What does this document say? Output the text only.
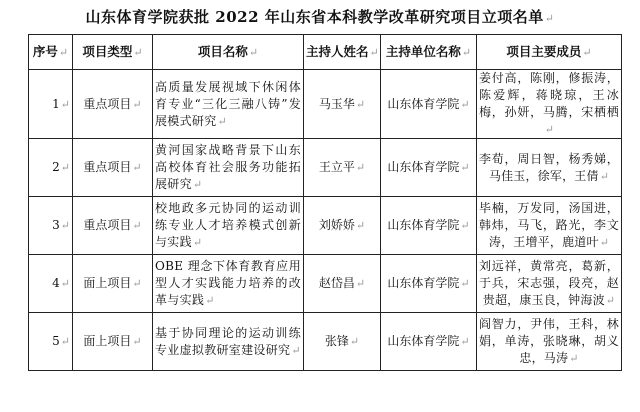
山东体育学院获批 2022 年山东省本科教学改革研究项目立项名单↵
序号↵	项目类型↵	项目名称↵	主持人姓名↵	主持单位名称↵	项目主要成员↵
1↵	重点项目↵	高质量发展视域下休闲体育专业“三化三融八铸”发展模式研究↵	马玉华↵	山东体育学院↵	姜付高，陈刚，修振涛，陈爱辉，蒋晓琼，王冰梅，孙妍，马腾，宋栖栖↵
2↵	重点项目↵	黄河国家战略背景下山东高校体育社会服务功能拓展研究↵	王立平↵	山东体育学院↵	李荀，周日智，杨秀娣，马佳玉，徐军，王倩↵
3↵	重点项目↵	校地政多元协同的运动训练专业人才培养模式创新与实践↵	刘娇娇↵	山东体育学院↵	毕楠，万发同，汤国进，韩炜，马飞，路光，李文涛，王增平，鹿道叶↵
4↵	面上项目↵	OBE 理念下体育教育应用型人才实践能力培养的改革与实践↵	赵岱昌↵	山东体育学院↵	刘远祥，黄常亮，葛新，于兵，宋志强，段亮，赵贵超，康玉良，钟海波↵
5↵	面上项目↵	基于协同理论的运动训练专业虚拟教研室建设研究↵	张锋↵	山东体育学院↵	阎智力，尹伟，王科，林娟，单涛，张晓琳，胡义忠，马涛↵
